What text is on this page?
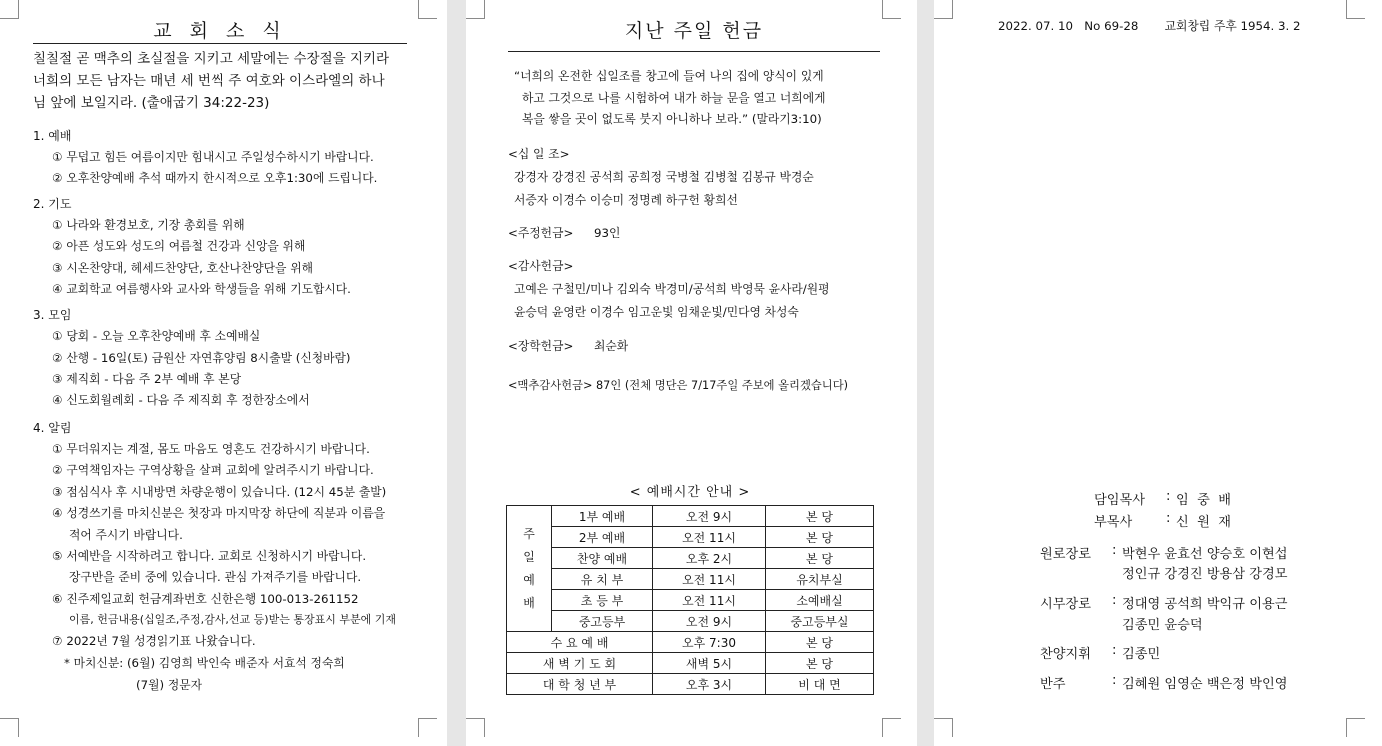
교 회 소 식
칠칠절 곧 맥추의 초실절을 지키고 세말에는 수장절을 지키라
너희의 모든 남자는 매년 세 번씩 주 여호와 이스라엘의 하나
님 앞에 보일지라. (출애굽기 34:22-23)
1. 예배
① 무덥고 힘든 여름이지만 힘내시고 주일성수하시기 바랍니다.
② 오후찬양예배 추석 때까지 한시적으로 오후1:30에 드립니다.
2. 기도
① 나라와 환경보호, 기장 총회를 위해
② 아픈 성도와 성도의 여름철 건강과 신앙을 위해
③ 시온찬양대, 헤세드찬양단, 호산나찬양단을 위해
④ 교회학교 여름행사와 교사와 학생들을 위해 기도합시다.
3. 모임
① 당회 - 오늘 오후찬양예배 후 소예배실
② 산행 - 16일(토) 금원산 자연휴양림 8시출발 (신청바람)
③ 제직회 - 다음 주 2부 예배 후 본당
④ 신도회월례회 - 다음 주 제직회 후 정한장소에서
4. 알림
① 무더워지는 계절, 몸도 마음도 영혼도 건강하시기 바랍니다.
② 구역책임자는 구역상황을 살펴 교회에 알려주시기 바랍니다.
③ 점심식사 후 시내방면 차량운행이 있습니다. (12시 45분 출발)
④ 성경쓰기를 마치신분은 첫장과 마지막장 하단에 직분과 이름을
적어 주시기 바랍니다.
⑤ 서예반을 시작하려고 합니다. 교회로 신청하시기 바랍니다.
장구반을 준비 중에 있습니다. 관심 가져주기를 바랍니다.
⑥ 진주제일교회 헌금계좌번호 신한은행 100-013-261152
이름, 헌금내용(십일조,주정,감사,선교 등)받는 통장표시 부분에 기재
⑦ 2022년 7월 성경읽기표 나왔습니다.
* 마치신분: (6월) 김영희 박인숙 배준자 서효석 정숙희
(7월) 정문자
지난 주일 헌금
“너희의 온전한 십일조를 창고에 들여 나의 집에 양식이 있게
하고 그것으로 나를 시험하여 내가 하늘 문을 열고 너희에게
복을 쌓을 곳이 없도록 붓지 아니하나 보라.” (말라기3:10)
<십 일 조>
강경자 강경진 공석희 공희정 국병철 김병철 김봉규 박경순
서증자 이경수 이승미 정명례 하구헌 황희선
<주정헌금> 93인
<감사헌금>
고예은 구철민/미나 김외숙 박경미/공석희 박영묵 윤사라/원평
윤승덕 윤영란 이경수 임고운빛 임채운빛/민다영 차성숙
<장학헌금> 최순화
<맥추감사헌금> 87인 (전체 명단은 7/17주일 주보에 올리겠습니다)
< 예배시간 안내 >
주
일
예
배	1부 예배	오전 9시	본 당
	2부 예배	오전 11시	본 당
	찬양 예배	오후 2시	본 당
	유 치 부	오전 11시	유치부실
	초 등 부	오전 11시	소예배실
	중고등부	오전 9시	중고등부실
수 요 예 배		오후 7:30	본 당
새 벽 기 도 회		새벽 5시	본 당
대 학 청 년 부		오후 3시	비 대 면
2022. 07. 10   No 69-28       교회창립 주후 1954. 3. 2
담임목사	: 임  중  배
부목사	: 신  원  재
원로장로	: 박현우 윤효선 양승호 이현섭
정인규 강경진 방용삼 강경모
시무장로	: 정대영 공석희 박익규 이용근
김종민 윤승덕
찬양지휘	: 김종민
반주	: 김혜원 임영순 백은정 박인영
